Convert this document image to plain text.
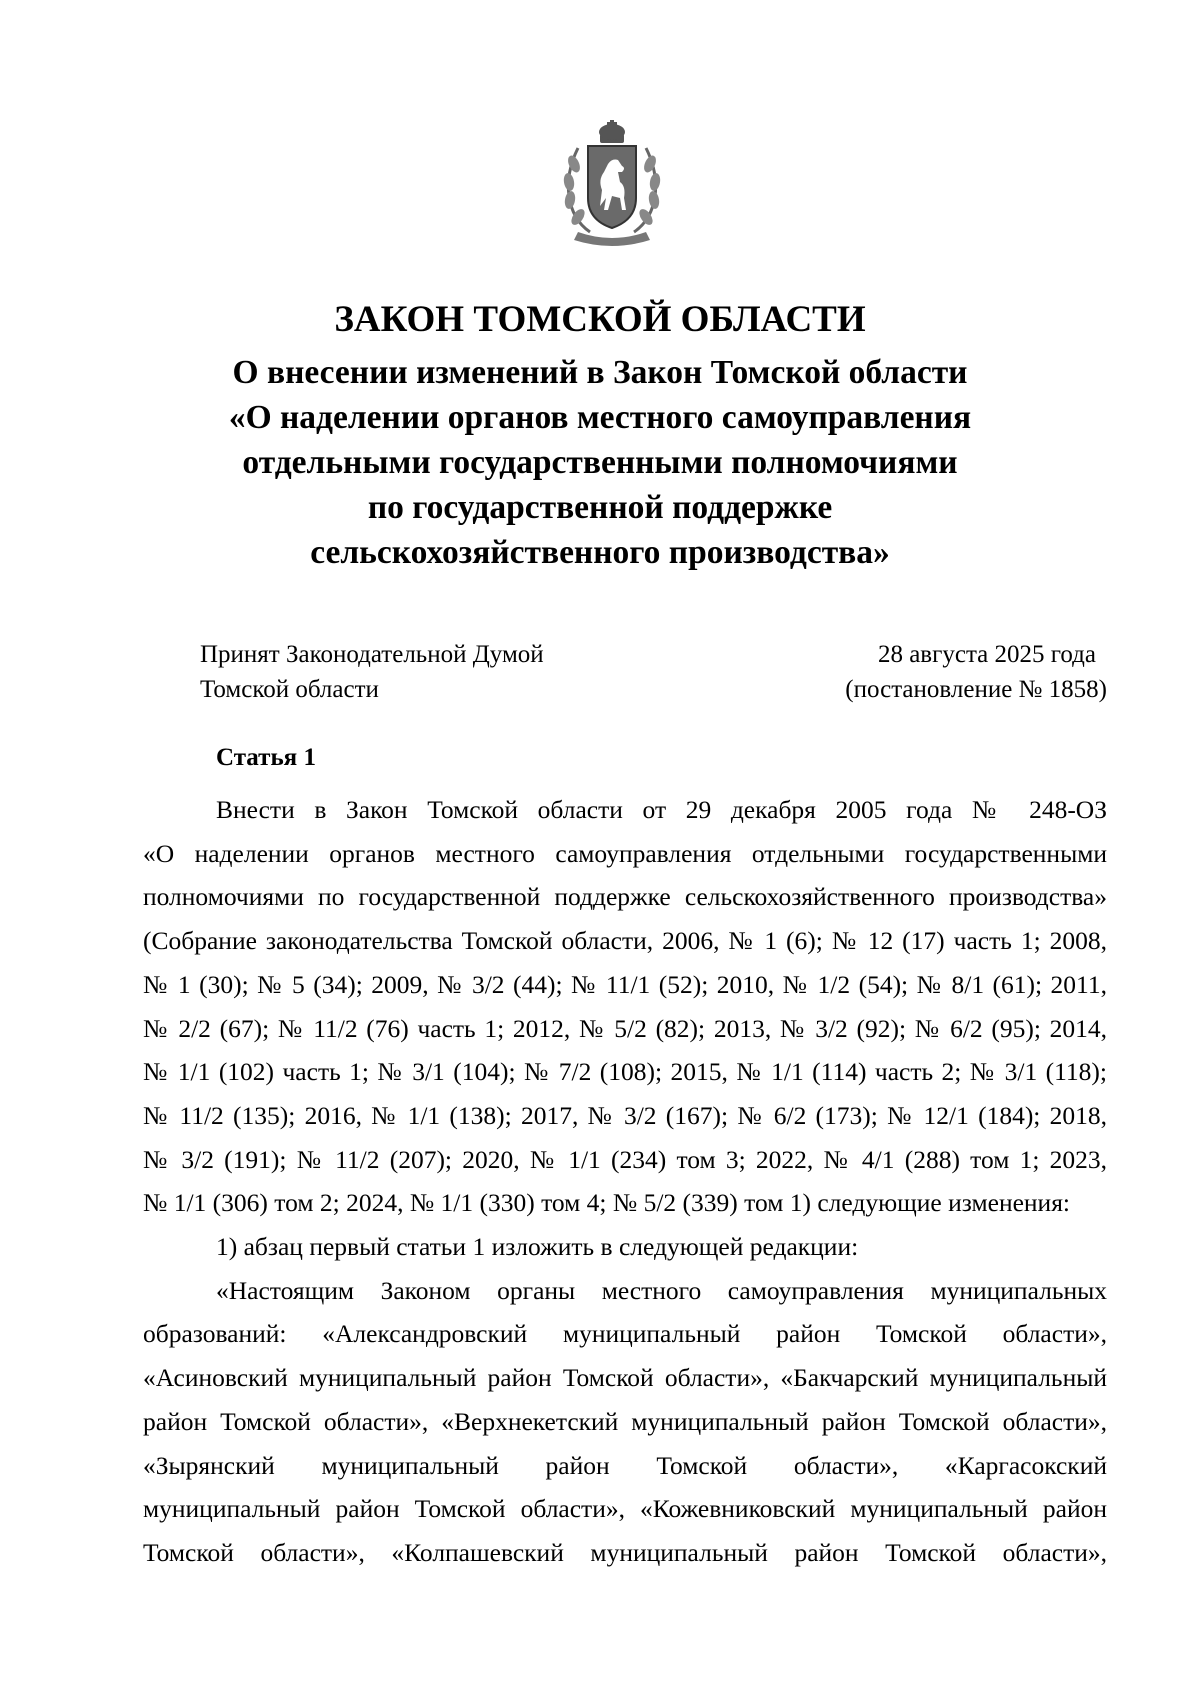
ЗАКОН ТОМСКОЙ ОБЛАСТИ
О внесении изменений в Закон Томской области
«О наделении органов местного самоуправления
отдельными государственными полномочиями
по государственной поддержке
сельскохозяйственного производства»
Принят Законодательной Думой
Томской области
28 августа 2025 года
(постановление № 1858)
Статья 1

Внести в Закон Томской области от 29 декабря 2005 года № 248-ОЗ

«О наделении органов местного самоуправления отдельными государственными

полномочиями по государственной поддержке сельскохозяйственного производства»

(Собрание законодательства Томской области, 2006, № 1 (6); № 12 (17) часть 1; 2008,

№ 1 (30); № 5 (34); 2009, № 3/2 (44); № 11/1 (52); 2010, № 1/2 (54); № 8/1 (61); 2011,

№ 2/2 (67); № 11/2 (76) часть 1; 2012, № 5/2 (82); 2013, № 3/2 (92); № 6/2 (95); 2014,

№ 1/1 (102) часть 1; № 3/1 (104); № 7/2 (108); 2015, № 1/1 (114) часть 2; № 3/1 (118);

№ 11/2 (135); 2016, № 1/1 (138); 2017, № 3/2 (167); № 6/2 (173); № 12/1 (184); 2018,

№ 3/2 (191); № 11/2 (207); 2020, № 1/1 (234) том 3; 2022, № 4/1 (288) том 1; 2023,

№ 1/1 (306) том 2; 2024, № 1/1 (330) том 4; № 5/2 (339) том 1) следующие изменения:

1) абзац первый статьи 1 изложить в следующей редакции:

«Настоящим Законом органы местного самоуправления муниципальных

образований: «Александровский муниципальный район Томской области»,

«Асиновский муниципальный район Томской области», «Бакчарский муниципальный

район Томской области», «Верхнекетский муниципальный район Томской области»,

«Зырянский муниципальный район Томской области», «Каргасокский

муниципальный район Томской области», «Кожевниковский муниципальный район

Томской области», «Колпашевский муниципальный район Томской области»,
